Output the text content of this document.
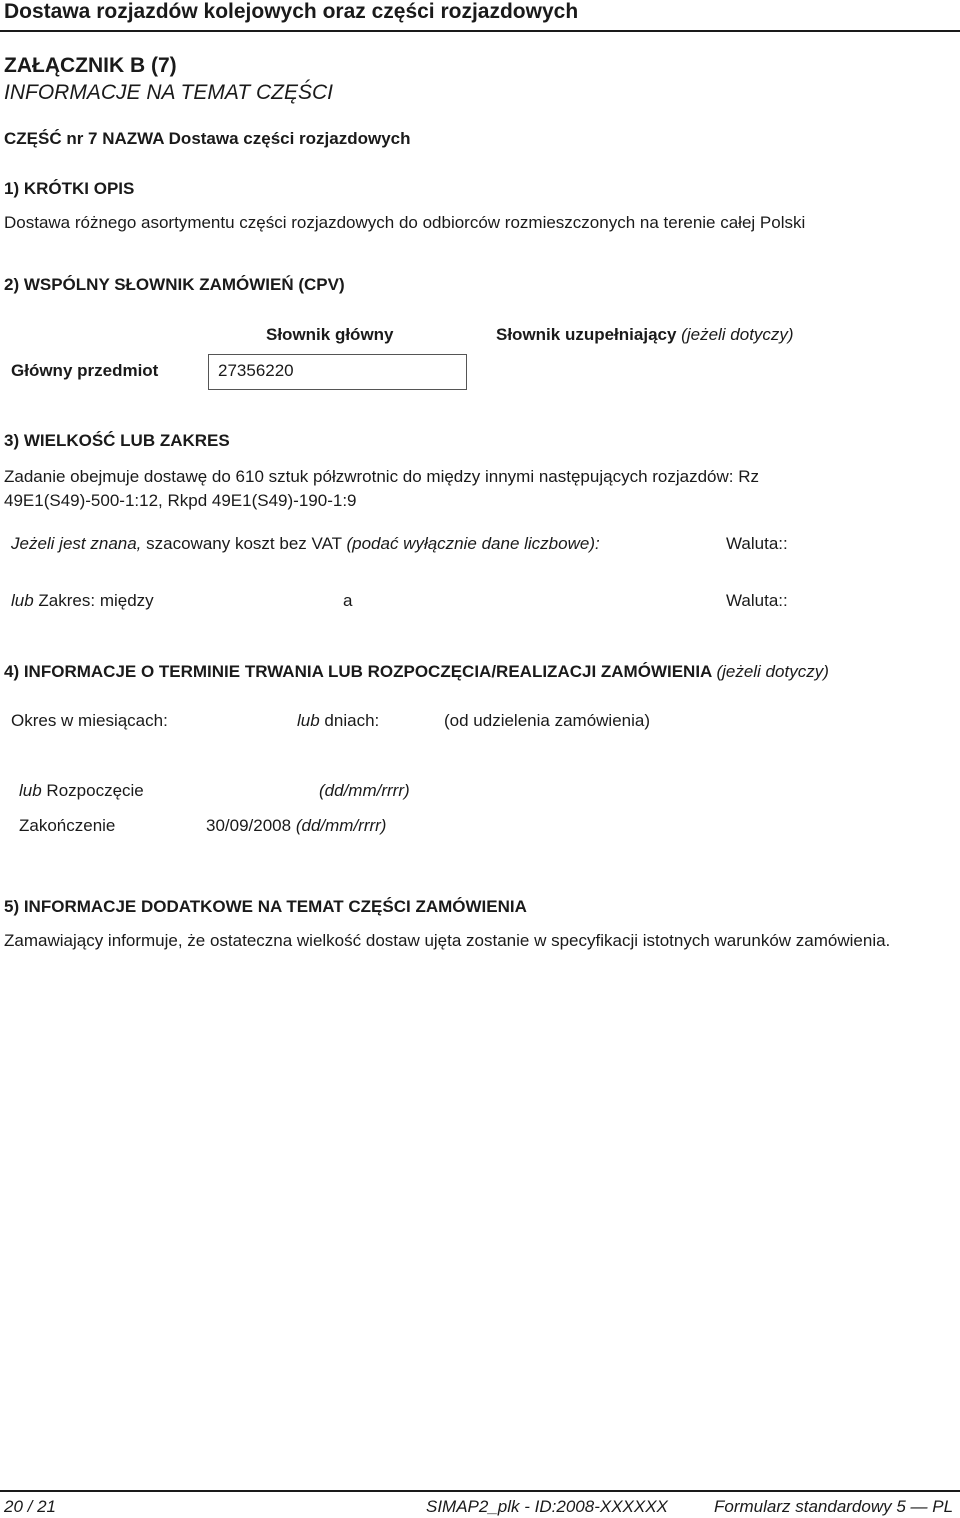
Dostawa rozjazdów kolejowych oraz części rozjazdowych
ZAŁĄCZNIK B (7)
INFORMACJE NA TEMAT CZĘŚCI
CZĘŚĆ nr 7 NAZWA Dostawa części rozjazdowych
1) KRÓTKI OPIS
Dostawa różnego asortymentu części rozjazdowych do odbiorców rozmieszczonych na terenie całej Polski
2) WSPÓLNY SŁOWNIK ZAMÓWIEŃ (CPV)
Słownik główny	Słownik uzupełniający (jeżeli dotyczy)
Główny przedmiot	27356220
3) WIELKOŚĆ LUB ZAKRES
Zadanie obejmuje dostawę do 610 sztuk półzwrotnic do między innymi następujących rozjazdów: Rz 49E1(S49)-500-1:12, Rkpd 49E1(S49)-190-1:9
Jeżeli jest znana, szacowany koszt bez VAT (podać wyłącznie dane liczbowe):	Waluta::
lub Zakres: między	a	Waluta::
4) INFORMACJE O TERMINIE TRWANIA LUB ROZPOCZĘCIA/REALIZACJI ZAMÓWIENIA (jeżeli dotyczy)
Okres w miesiącach:	lub dniach:	(od udzielenia zamówienia)
lub Rozpoczęcie	(dd/mm/rrrr)
Zakończenie	30/09/2008 (dd/mm/rrrr)
5) INFORMACJE DODATKOWE NA TEMAT CZĘŚCI ZAMÓWIENIA
Zamawiający informuje, że ostateczna wielkość dostaw ujęta zostanie w specyfikacji istotnych warunków zamówienia.
20 / 21	SIMAP2_plk - ID:2008-XXXXXX	Formularz standardowy 5 — PL
